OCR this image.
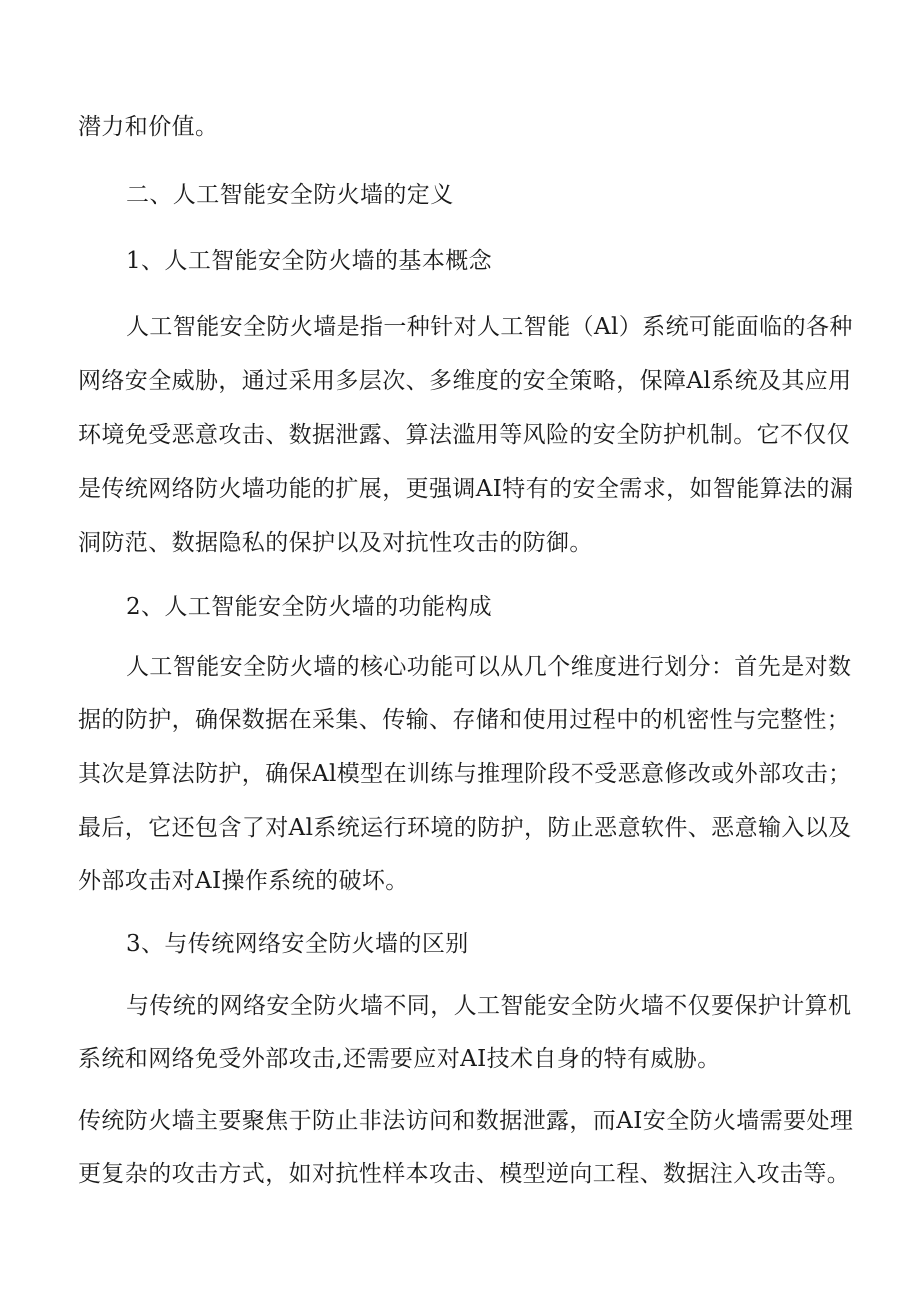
潜力和价值。
二、人工智能安全防火墙的定义
1、人工智能安全防火墙的基本概念
人工智能安全防火墙是指一种针对人工智能（Al）系统可能面临的各种
网络安全威胁，通过采用多层次、多维度的安全策略，保障Al系统及其应用
环境免受恶意攻击、数据泄露、算法滥用等风险的安全防护机制。它不仅仅
是传统网络防火墙功能的扩展，更强调AI特有的安全需求，如智能算法的漏
洞防范、数据隐私的保护以及对抗性攻击的防御。
2、人工智能安全防火墙的功能构成
人工智能安全防火墙的核心功能可以从几个维度进行划分：首先是对数
据的防护，确保数据在采集、传输、存储和使用过程中的机密性与完整性；
其次是算法防护，确保Al模型在训练与推理阶段不受恶意修改或外部攻击；
最后，它还包含了对Al系统运行环境的防护，防止恶意软件、恶意输入以及
外部攻击对AI操作系统的破坏。
3、与传统网络安全防火墙的区别
与传统的网络安全防火墙不同，人工智能安全防火墙不仅要保护计算机
系统和网络免受外部攻击,还需要应对AI技术自身的特有威胁。
传统防火墙主要聚焦于防止非法访问和数据泄露，而AI安全防火墙需要处理
更复杂的攻击方式，如对抗性样本攻击、模型逆向工程、数据注入攻击等。
